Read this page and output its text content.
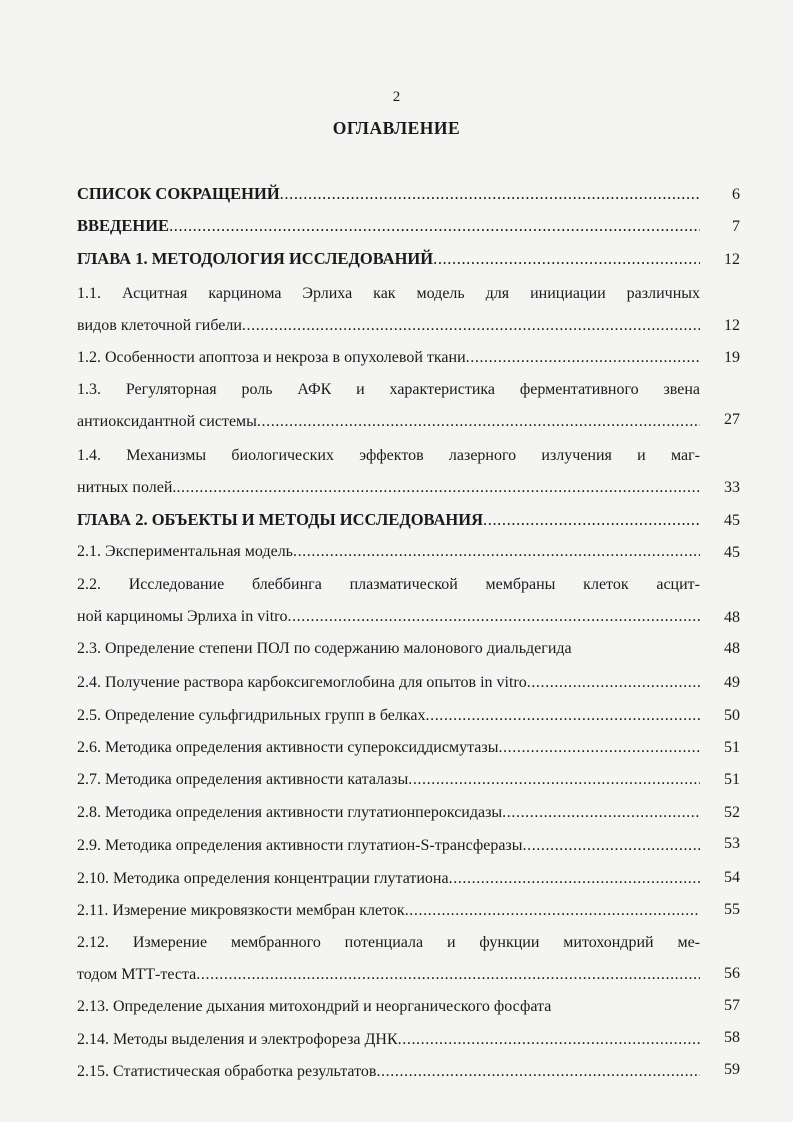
2
ОГЛАВЛЕНИЕ
СПИСОК СОКРАЩЕНИЙ .....	6
ВВЕДЕНИЕ .....	7
ГЛАВА 1. МЕТОДОЛОГИЯ ИССЛЕДОВАНИЙ .....	12
1.1. Асцитная карцинома Эрлиха как модель для инициации различных
видов клеточной гибели .....	12
1.2. Особенности апоптоза и некроза в опухолевой ткани .....	19
1.3. Регуляторная роль АФК и характеристика ферментативного звена
антиоксидантной системы .....	27
1.4. Механизмы биологических эффектов лазерного излучения и маг-
нитных полей. .....	33
ГЛАВА 2. ОБЪЕКТЫ И МЕТОДЫ ИССЛЕДОВАНИЯ .....	45
2.1. Экспериментальная модель .....	45
2.2. Исследование блеббинга плазматической мембраны клеток асцит-
ной карциномы Эрлиха in vitro .....	48
2.3. Определение степени ПОЛ по содержанию малонового диальдегида	48
2.4. Получение раствора карбоксигемоглобина для опытов in vitro .....	49
2.5. Определение сульфгидрильных групп в белках .....	50
2.6. Методика определения активности супероксиддисмутазы .....	51
2.7. Методика определения активности каталазы .....	51
2.8. Методика определения активности глутатионпероксидазы .....	52
2.9. Методика определения активности глутатион-S-трансферазы .....	53
2.10. Методика определения концентрации глутатиона .....	54
2.11. Измерение микровязкости мембран клеток .....	55
2.12. Измерение мембранного потенциала и функции митохондрий ме-
тодом МТТ-теста .....	56
2.13. Определение дыхания митохондрий и неорганического фосфата	57
2.14. Методы выделения и электрофореза ДНК .....	58
2.15. Статистическая обработка результатов .....	59
